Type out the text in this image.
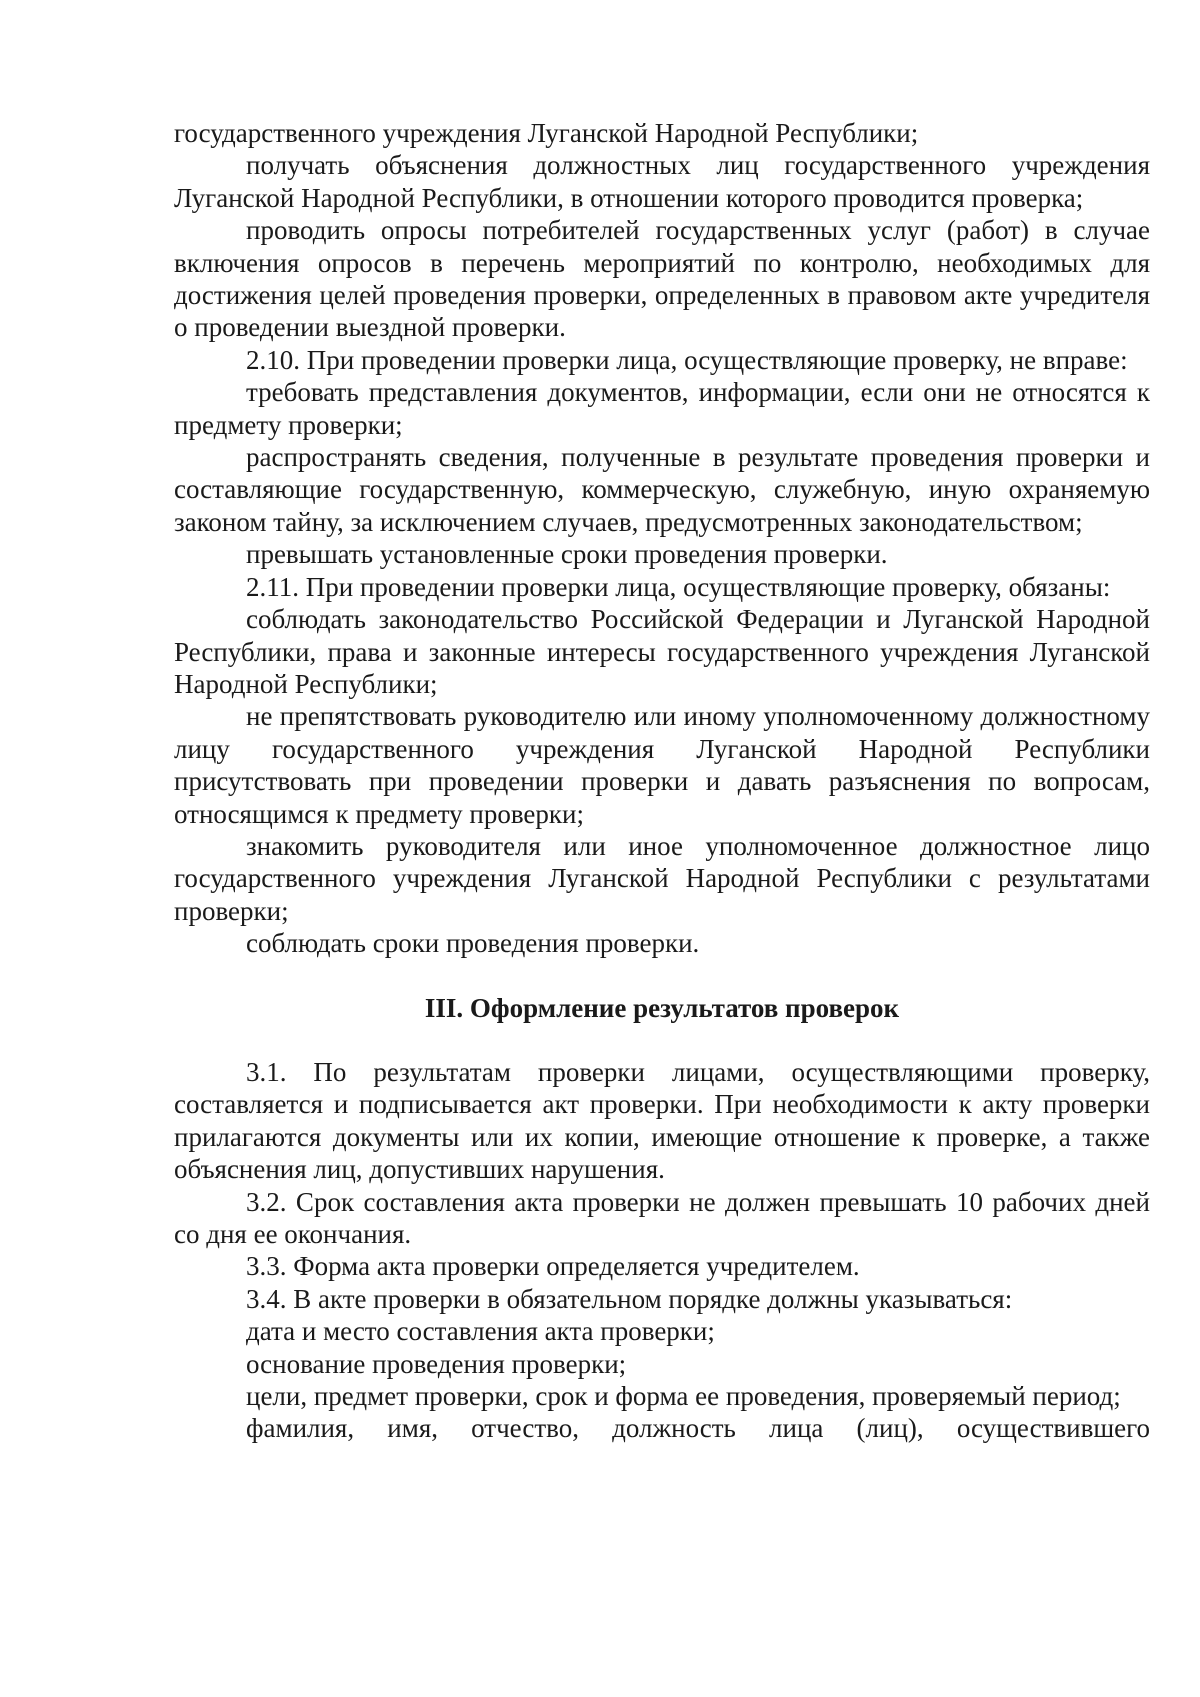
государственного учреждения Луганской Народной Республики;

получать объяснения должностных лиц государственного учреждения Луганской Народной Республики, в отношении которого проводится проверка;

проводить опросы потребителей государственных услуг (работ) в случае включения опросов в перечень мероприятий по контролю, необходимых для достижения целей проведения проверки, определенных в правовом акте учредителя о проведении выездной проверки.

2.10. При проведении проверки лица, осуществляющие проверку, не вправе:

требовать представления документов, информации, если они не относятся к предмету проверки;

распространять сведения, полученные в результате проведения проверки и составляющие государственную, коммерческую, служебную, иную охраняемую законом тайну, за исключением случаев, предусмотренных законодательством;

превышать установленные сроки проведения проверки.

2.11. При проведении проверки лица, осуществляющие проверку, обязаны:

соблюдать законодательство Российской Федерации и Луганской Народной Республики, права и законные интересы государственного учреждения Луганской Народной Республики;

не препятствовать руководителю или иному уполномоченному должностному лицу государственного учреждения Луганской Народной Республики присутствовать при проведении проверки и давать разъяснения по вопросам, относящимся к предмету проверки;

знакомить руководителя или иное уполномоченное должностное лицо государственного учреждения Луганской Народной Республики с результатами проверки;

соблюдать сроки проведения проверки.

III. Оформление результатов проверок

3.1. По результатам проверки лицами, осуществляющими проверку, составляется и подписывается акт проверки. При необходимости к акту проверки прилагаются документы или их копии, имеющие отношение к проверке, а также объяснения лиц, допустивших нарушения.

3.2. Срок составления акта проверки не должен превышать 10 рабочих дней со дня ее окончания.

3.3. Форма акта проверки определяется учредителем.

3.4. В акте проверки в обязательном порядке должны указываться:

дата и место составления акта проверки;

основание проведения проверки;

цели, предмет проверки, срок и форма ее проведения, проверяемый период;

фамилия, имя, отчество, должность лица (лиц), осуществившего
